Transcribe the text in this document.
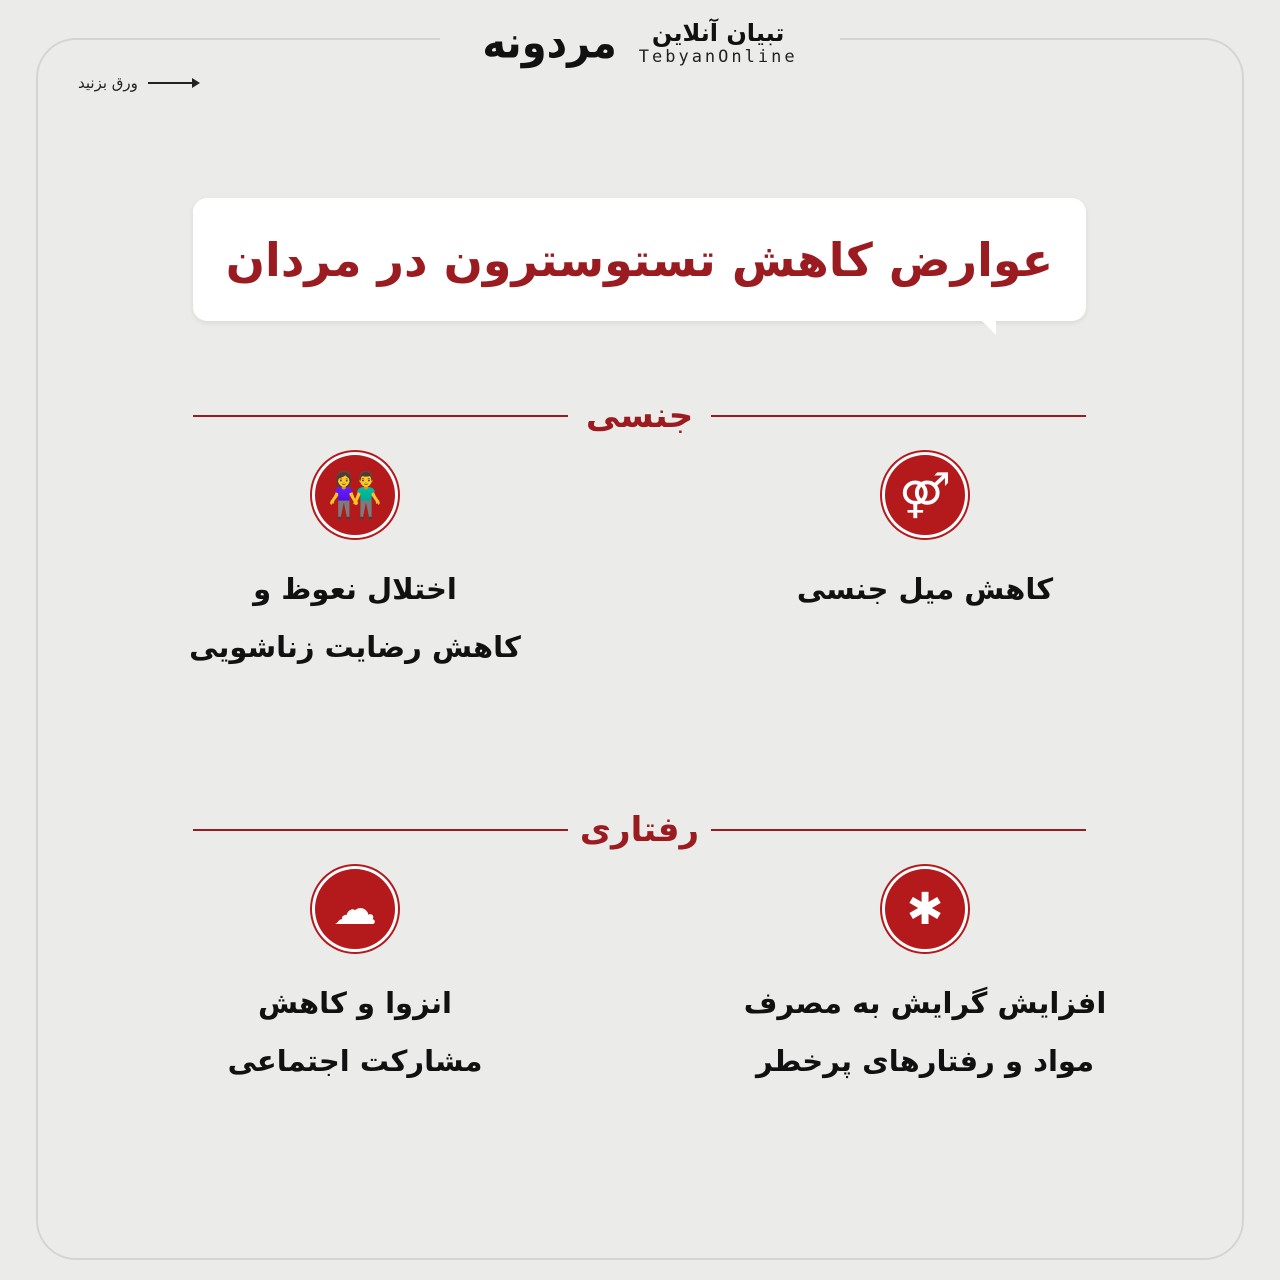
مردونه تبیان آنلاین
TebyanOnline
ورق بزنید
عوارض کاهش تستوسترون در مردان
جنسی
⚤
کاهش میل جنسی
👫
اختلال نعوظ و
کاهش رضایت زناشویی
رفتاری
✱
افزایش گرایش به مصرف
مواد و رفتارهای پرخطر
☁
انزوا و کاهش
مشارکت اجتماعی
